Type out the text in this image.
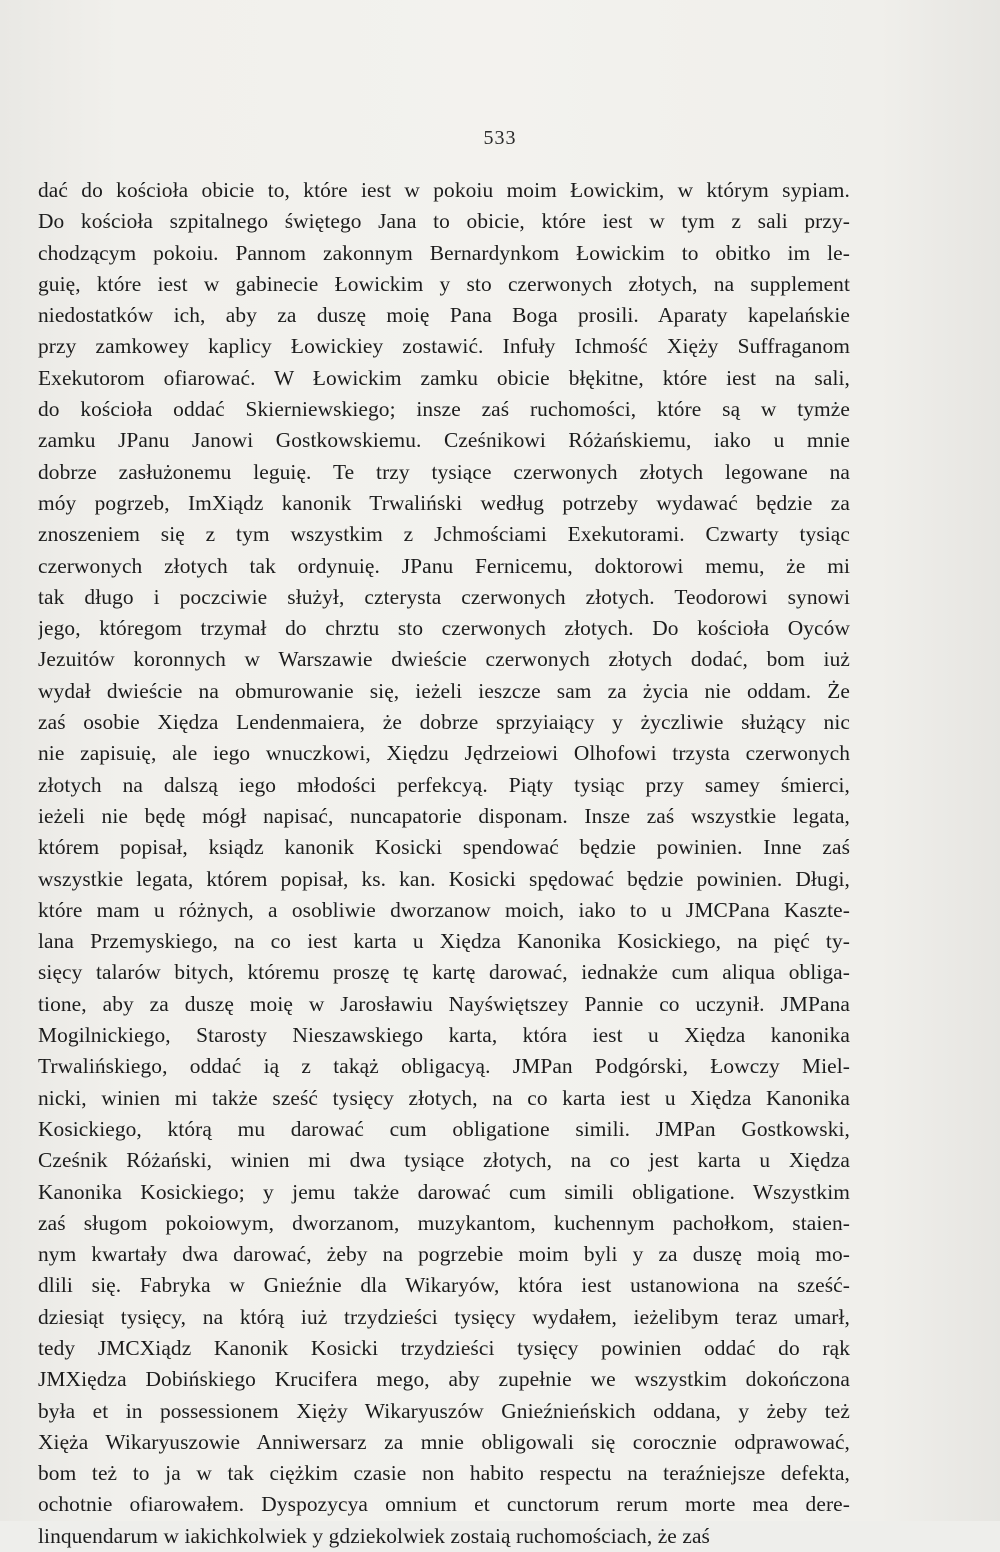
533
dać do kościoła obicie to, które iest w pokoiu moim Łowickim, w którym sypiam.
Do kościoła szpitalnego świętego Jana to obicie, które iest w tym z sali przy-
chodzącym pokoiu. Pannom zakonnym Bernardynkom Łowickim to obitko im le-
guię, które iest w gabinecie Łowickim y sto czerwonych złotych, na supplement
niedostatków ich, aby za duszę moię Pana Boga prosili. Aparaty kapelańskie
przy zamkowey kaplicy Łowickiey zostawić. Infuły Ichmość Xięży Suffraganom
Exekutorom ofiarować. W Łowickim zamku obicie błękitne, które iest na sali,
do kościoła oddać Skierniewskiego; insze zaś ruchomości, które są w tymże
zamku JPanu Janowi Gostkowskiemu. Cześnikowi Różańskiemu, iako u mnie
dobrze zasłużonemu leguię. Te trzy tysiące czerwonych złotych legowane na
móy pogrzeb, ImXiądz kanonik Trwaliński według potrzeby wydawać będzie za
znoszeniem się z tym wszystkim z Jchmościami Exekutorami. Czwarty tysiąc
czerwonych złotych tak ordynuię. JPanu Fernicemu, doktorowi memu, że mi
tak długo i poczciwie służył, czterysta czerwonych złotych. Teodorowi synowi
jego, któregom trzymał do chrztu sto czerwonych złotych. Do kościoła Oyców
Jezuitów koronnych w Warszawie dwieście czerwonych złotych dodać, bom iuż
wydał dwieście na obmurowanie się, ieżeli ieszcze sam za życia nie oddam. Że
zaś osobie Xiędza Lendenmaiera, że dobrze sprzyiaiący y życzliwie służący nic
nie zapisuię, ale iego wnuczkowi, Xiędzu Jędrzeiowi Olhofowi trzysta czerwonych
złotych na dalszą iego młodości perfekcyą. Piąty tysiąc przy samey śmierci,
ieżeli nie będę mógł napisać, nuncapatorie disponam. Insze zaś wszystkie legata,
którem popisał, ksiądz kanonik Kosicki spendować będzie powinien. Inne zaś
wszystkie legata, którem popisał, ks. kan. Kosicki spędować będzie powinien. Długi,
które mam u różnych, a osobliwie dworzanow moich, iako to u JMCPana Kaszte-
lana Przemyskiego, na co iest karta u Xiędza Kanonika Kosickiego, na pięć ty-
sięcy talarów bitych, któremu proszę tę kartę darować, iednakże cum aliqua obliga-
tione, aby za duszę moię w Jarosławiu Nayświętszey Pannie co uczynił. JMPana
Mogilnickiego, Starosty Nieszawskiego karta, która iest u Xiędza kanonika
Trwalińskiego, oddać ią z takąż obligacyą. JMPan Podgórski, Łowczy Miel-
nicki, winien mi także sześć tysięcy złotych, na co karta iest u Xiędza Kanonika
Kosickiego, którą mu darować cum obligatione simili. JMPan Gostkowski,
Cześnik Różański, winien mi dwa tysiące złotych, na co jest karta u Xiędza
Kanonika Kosickiego; y jemu także darować cum simili obligatione. Wszystkim
zaś sługom pokoiowym, dworzanom, muzykantom, kuchennym pachołkom, staien-
nym kwartały dwa darować, żeby na pogrzebie moim byli y za duszę moią mo-
dlili się. Fabryka w Gnieźnie dla Wikaryów, która iest ustanowiona na sześć-
dziesiąt tysięcy, na którą iuż trzydzieści tysięcy wydałem, ieżelibym teraz umarł,
tedy JMCXiądz Kanonik Kosicki trzydzieści tysięcy powinien oddać do rąk
JMXiędza Dobińskiego Krucifera mego, aby zupełnie we wszystkim dokończona
była et in possessionem Xięży Wikaryuszów Gnieźnieńskich oddana, y żeby też
Xięża Wikaryuszowie Anniwersarz za mnie obligowali się corocznie odprawować,
bom też to ja w tak ciężkim czasie non habito respectu na teraźniejsze defekta,
ochotnie ofiarowałem. Dyspozycya omnium et cunctorum rerum morte mea dere-
linquendarum w iakichkolwiek y gdziekolwiek zostaią ruchomościach, że zaś
